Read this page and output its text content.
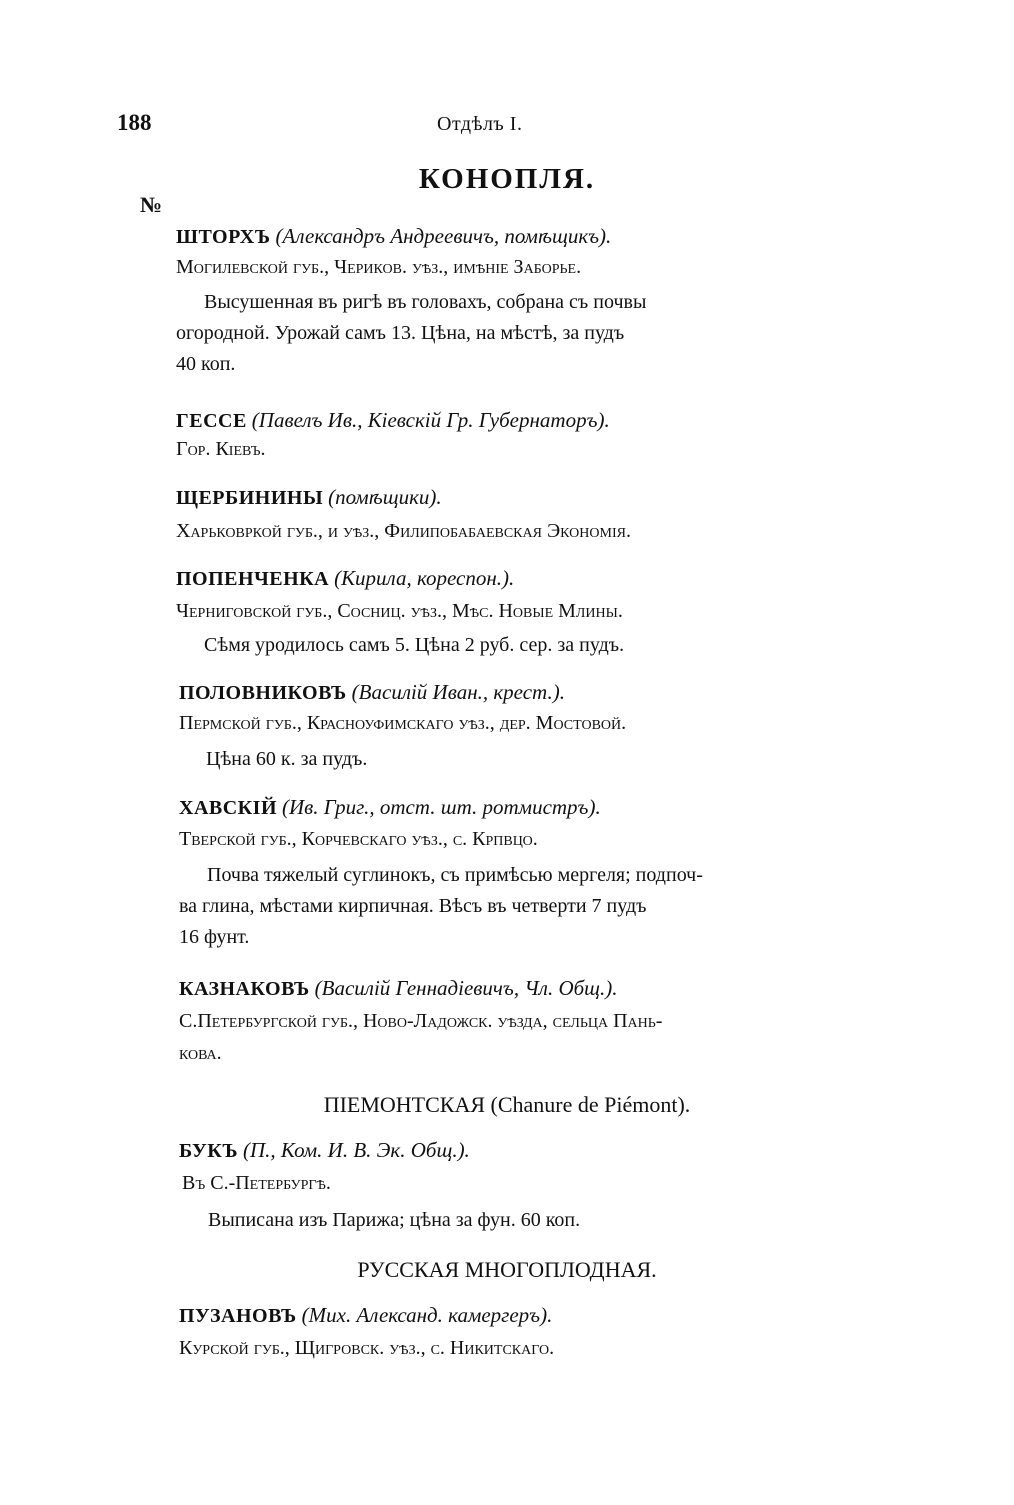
188	Отдѣлъ I.
КОНОПЛЯ.
№
ШТОРХЪ (Александръ Андреевичъ, помѣщикъ).
Могилевской губ., Чериков. уѣз., имѣніе Заборье.
Высушенная въ ригѣ въ головахъ, собрана съ почвы
огородной. Урожай самъ 13. Цѣна, на мѣстѣ, за пудъ
40 коп.
ГЕССЕ (Павелъ Ив., Кіевскій Гр. Губернаторъ).
Гор. Кіевъ.
ЩЕРБИНИНЫ (помѣщики).
Харьковркой губ., и уѣз., Филипобабаевская Экономія.
ПОПЕНЧЕНКА (Кирила, кореспон.).
Черниговской губ., Сосниц. уѣз., Мѣс. Новые Млины.
Сѣмя уродилось самъ 5. Цѣна 2 руб. сер. за пудъ.
ПОЛОВНИКОВЪ (Василій Иван., крест.).
Пермской губ., Красноуфимскаго уѣз., дер. Мостовой.
Цѣна 60 к. за пудъ.
ХАВСКІЙ (Ив. Григ., отст. шт. ротмистръ).
Тверской губ., Корчевскаго уѣз., с. Крпвцо.
Почва тяжелый суглинокъ, съ примѣсью мергеля; подпоч-
ва глина, мѣстами кирпичная. Вѣсъ въ четверти 7 пудъ
16 фунт.
КАЗНАКОВЪ (Василій Геннадіевичъ, Чл. Общ.).
С.Петербургской губ., Ново-Ладожск. уѣзда, сельца Пань-
кова.
ПІЕМОНТСКАЯ (Chanure de Piémont).
БУКЪ (П., Ком. И. В. Эк. Общ.).
Въ С.-Петербургѣ.
Выписана изъ Парижа; цѣна за фун. 60 коп.
РУССКАЯ МНОГОПЛОДНАЯ.
ПУЗАНОВЪ (Мих. Александ. камергеръ).
Курской губ., Щигровск. уѣз., с. Никитскаго.
